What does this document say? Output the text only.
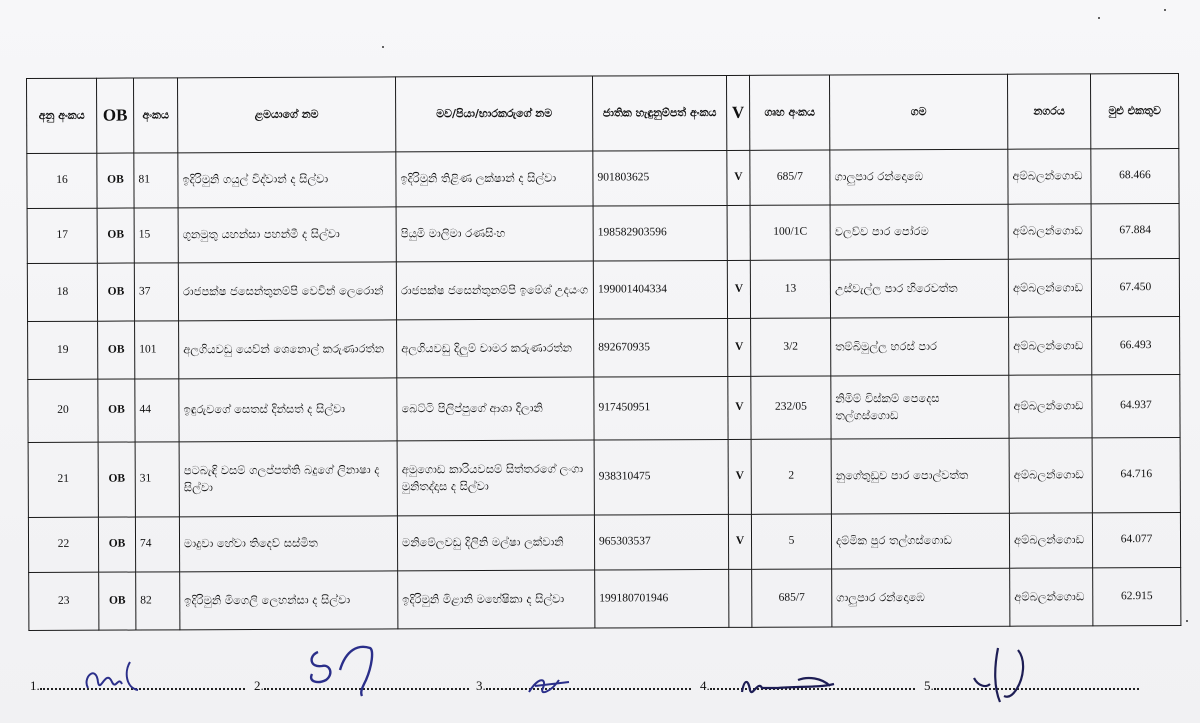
අනු අංකය	OB	අංකය	ළමයාගේ නම	මව/පියා/භාරකරුගේ නම	ජාතික හැඳුනුම්පත් අංකය	V	ගෘහ අංකය	ගම	නගරය	මුළු එකතුව
16	OB	81	ඉදිරිමුනි ගයුල් විද්වාන් ද සිල්වා	ඉදිරිමුනි තිළිණ ලක්ෂාන් ද සිල්වා	901803625	V	685/7	ගාලුපාර රන්දොඹෙ	අම්බලන්ගොඩ	68.466
17	OB	15	ගුනමුතු යහන්සා පහන්මී ද සිල්වා	පියුමි මාලිමා රණසිංහ	198582903596		100/1C	වලව්ව පාර පෝරම	අම්බලන්ගොඩ	67.884
18	OB	37	රාජපක්ෂ ජසෙන්තුනම්පි වෙවින් ලෙරොන්	රාජපක්ෂ ජසෙන්තුනම්පි ඉමේශ් උදයංග	199001404334	V	13	උස්වැල්ල පාර හිරෙවත්ත	අම්බලන්ගොඩ	67.450
19	OB	101	අලගියවඩු යෙව්න් ශෙනොල් කරුණාරත්න	අලගියවඩු දිලුම් චාමර කරුණාරත්න	892670935	V	3/2	තම්බිමුල්ල හරස් පාර	අම්බලන්ගොඩ	66.493
20	OB	44	ඉඳුරුවගේ සෙතස් දින්සත් ද සිල්වා	බෙට්ටි පිලිප්පුගේ ආශා දිලානි	917450951	V	232/05	නිමිම් විස්කම් පෙදෙස තල්ගස්ගොඩ	අම්බලන්ගොඩ	64.937
21	OB	31	පටබැඳි වසම් ගලප්පත්ති බදුගේ ලිනාෂා ද සිල්වා	අමුගොඩ කාරියවසම් සිත්තරගේ ලංගා මුනිතද්දාස ද සිල්වා	938310475	V	2	නුගේතුඩුව පාර පොල්වත්ත	අම්බලන්ගොඩ	64.716
22	OB	74	මාදුවා හේවා තිදෙව් සස්මිත	මනිමේලවඩු දිලිනි මල්ෂා ලක්වානි	965303537	V	5	දම්මික පුර තල්ගස්ගොඩ	අම්බලන්ගොඩ	64.077
23	OB	82	ඉදිරිමුනි මිගෙලි ලෙහන්සා ද සිල්වා	ඉදිරිමුනි මිළානි මහේෂිකා ද සිල්වා	199180701946		685/7	ගාලුපාර රන්දොඹෙ	අම්බලන්ගොඩ	62.915
1.	2.	3.	4.	5.
